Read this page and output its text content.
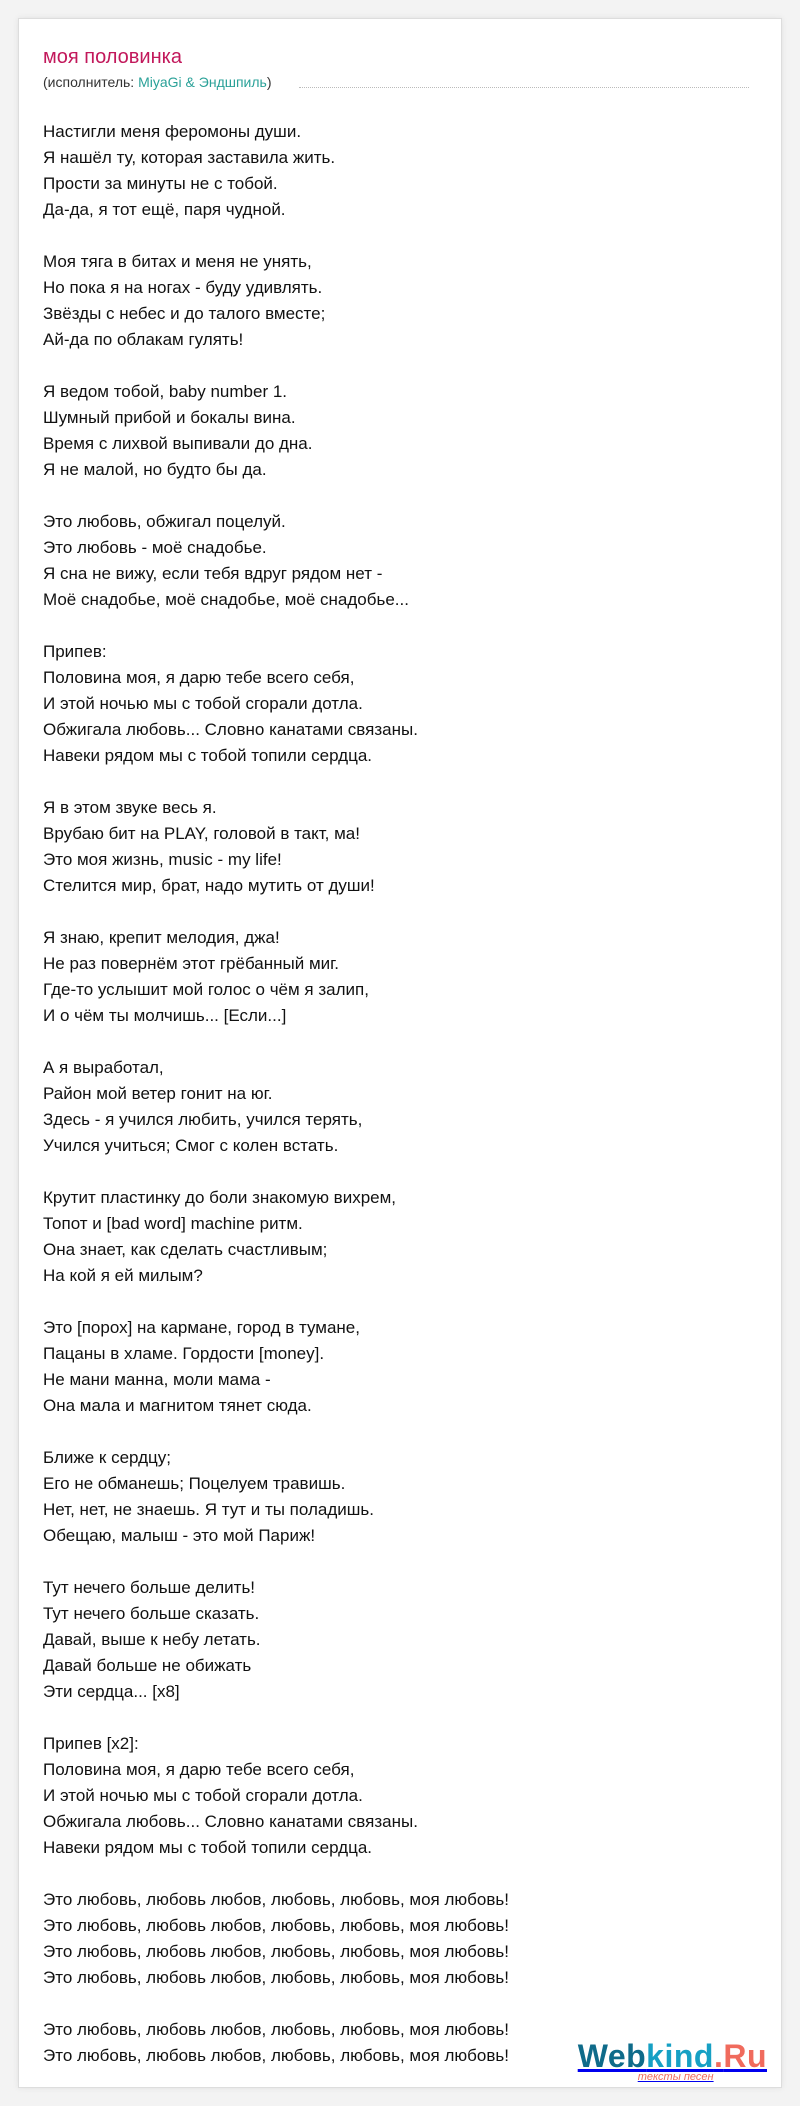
моя половинка
(исполнитель: MiyaGi & Эндшпиль)
Настигли меня феромоны души.
Я нашёл ту, которая заставила жить.
Прости за минуты не с тобой.
Да-да, я тот ещё, паря чудной.
Моя тяга в битах и меня не унять,
Но пока я на ногах - буду удивлять.
Звёзды с небес и до талого вместе;
Ай-да по облакам гулять!
Я ведом тобой, baby number 1.
Шумный прибой и бокалы вина.
Время с лихвой выпивали до дна.
Я не малой, но будто бы да.
Это любовь, обжигал поцелуй.
Это любовь - моё снадобье.
Я сна не вижу, если тебя вдруг рядом нет -
Моё снадобье, моё снадобье, моё снадобье...
Припев:
Половина моя, я дарю тебе всего себя,
И этой ночью мы с тобой сгорали дотла.
Обжигала любовь... Словно канатами связаны.
Навеки рядом мы с тобой топили сердца.
Я в этом звуке весь я.
Врубаю бит на PLAY, головой в такт, ма!
Это моя жизнь, music - my life!
Стелится мир, брат, надо мутить от души!
Я знаю, крепит мелодия, джа!
Не раз повернём этот грёбанный миг.
Где-то услышит мой голос о чём я залип,
И о чём ты молчишь... [Если...]
А я выработал,
Район мой ветер гонит на юг.
Здесь - я учился любить, учился терять,
Учился учиться; Смог с колен встать.
Крутит пластинку до боли знакомую вихрем,
Топот и [bad word] machine ритм.
Она знает, как сделать счастливым;
На кой я ей милым?
Это [порох] на кармане, город в тумане,
Пацаны в хламе. Гордости [money].
Не мани манна, моли мама -
Она мала и магнитом тянет сюда.
Ближе к сердцу;
Его не обманешь; Поцелуем травишь.
Нет, нет, не знаешь. Я тут и ты поладишь.
Обещаю, малыш - это мой Париж!
Тут нечего больше делить!
Тут нечего больше сказать.
Давай, выше к небу летать.
Давай больше не обижать
Эти сердца... [x8]
Припев [x2]:
Половина моя, я дарю тебе всего себя,
И этой ночью мы с тобой сгорали дотла.
Обжигала любовь... Словно канатами связаны.
Навеки рядом мы с тобой топили сердца.
Это любовь, любовь любов, любовь, любовь, моя любовь!
Это любовь, любовь любов, любовь, любовь, моя любовь!
Это любовь, любовь любов, любовь, любовь, моя любовь!
Это любовь, любовь любов, любовь, любовь, моя любовь!
Это любовь, любовь любов, любовь, любовь, моя любовь!
Это любовь, любовь любов, любовь, любовь, моя любовь!	Webkind.Ru
тексты песен
